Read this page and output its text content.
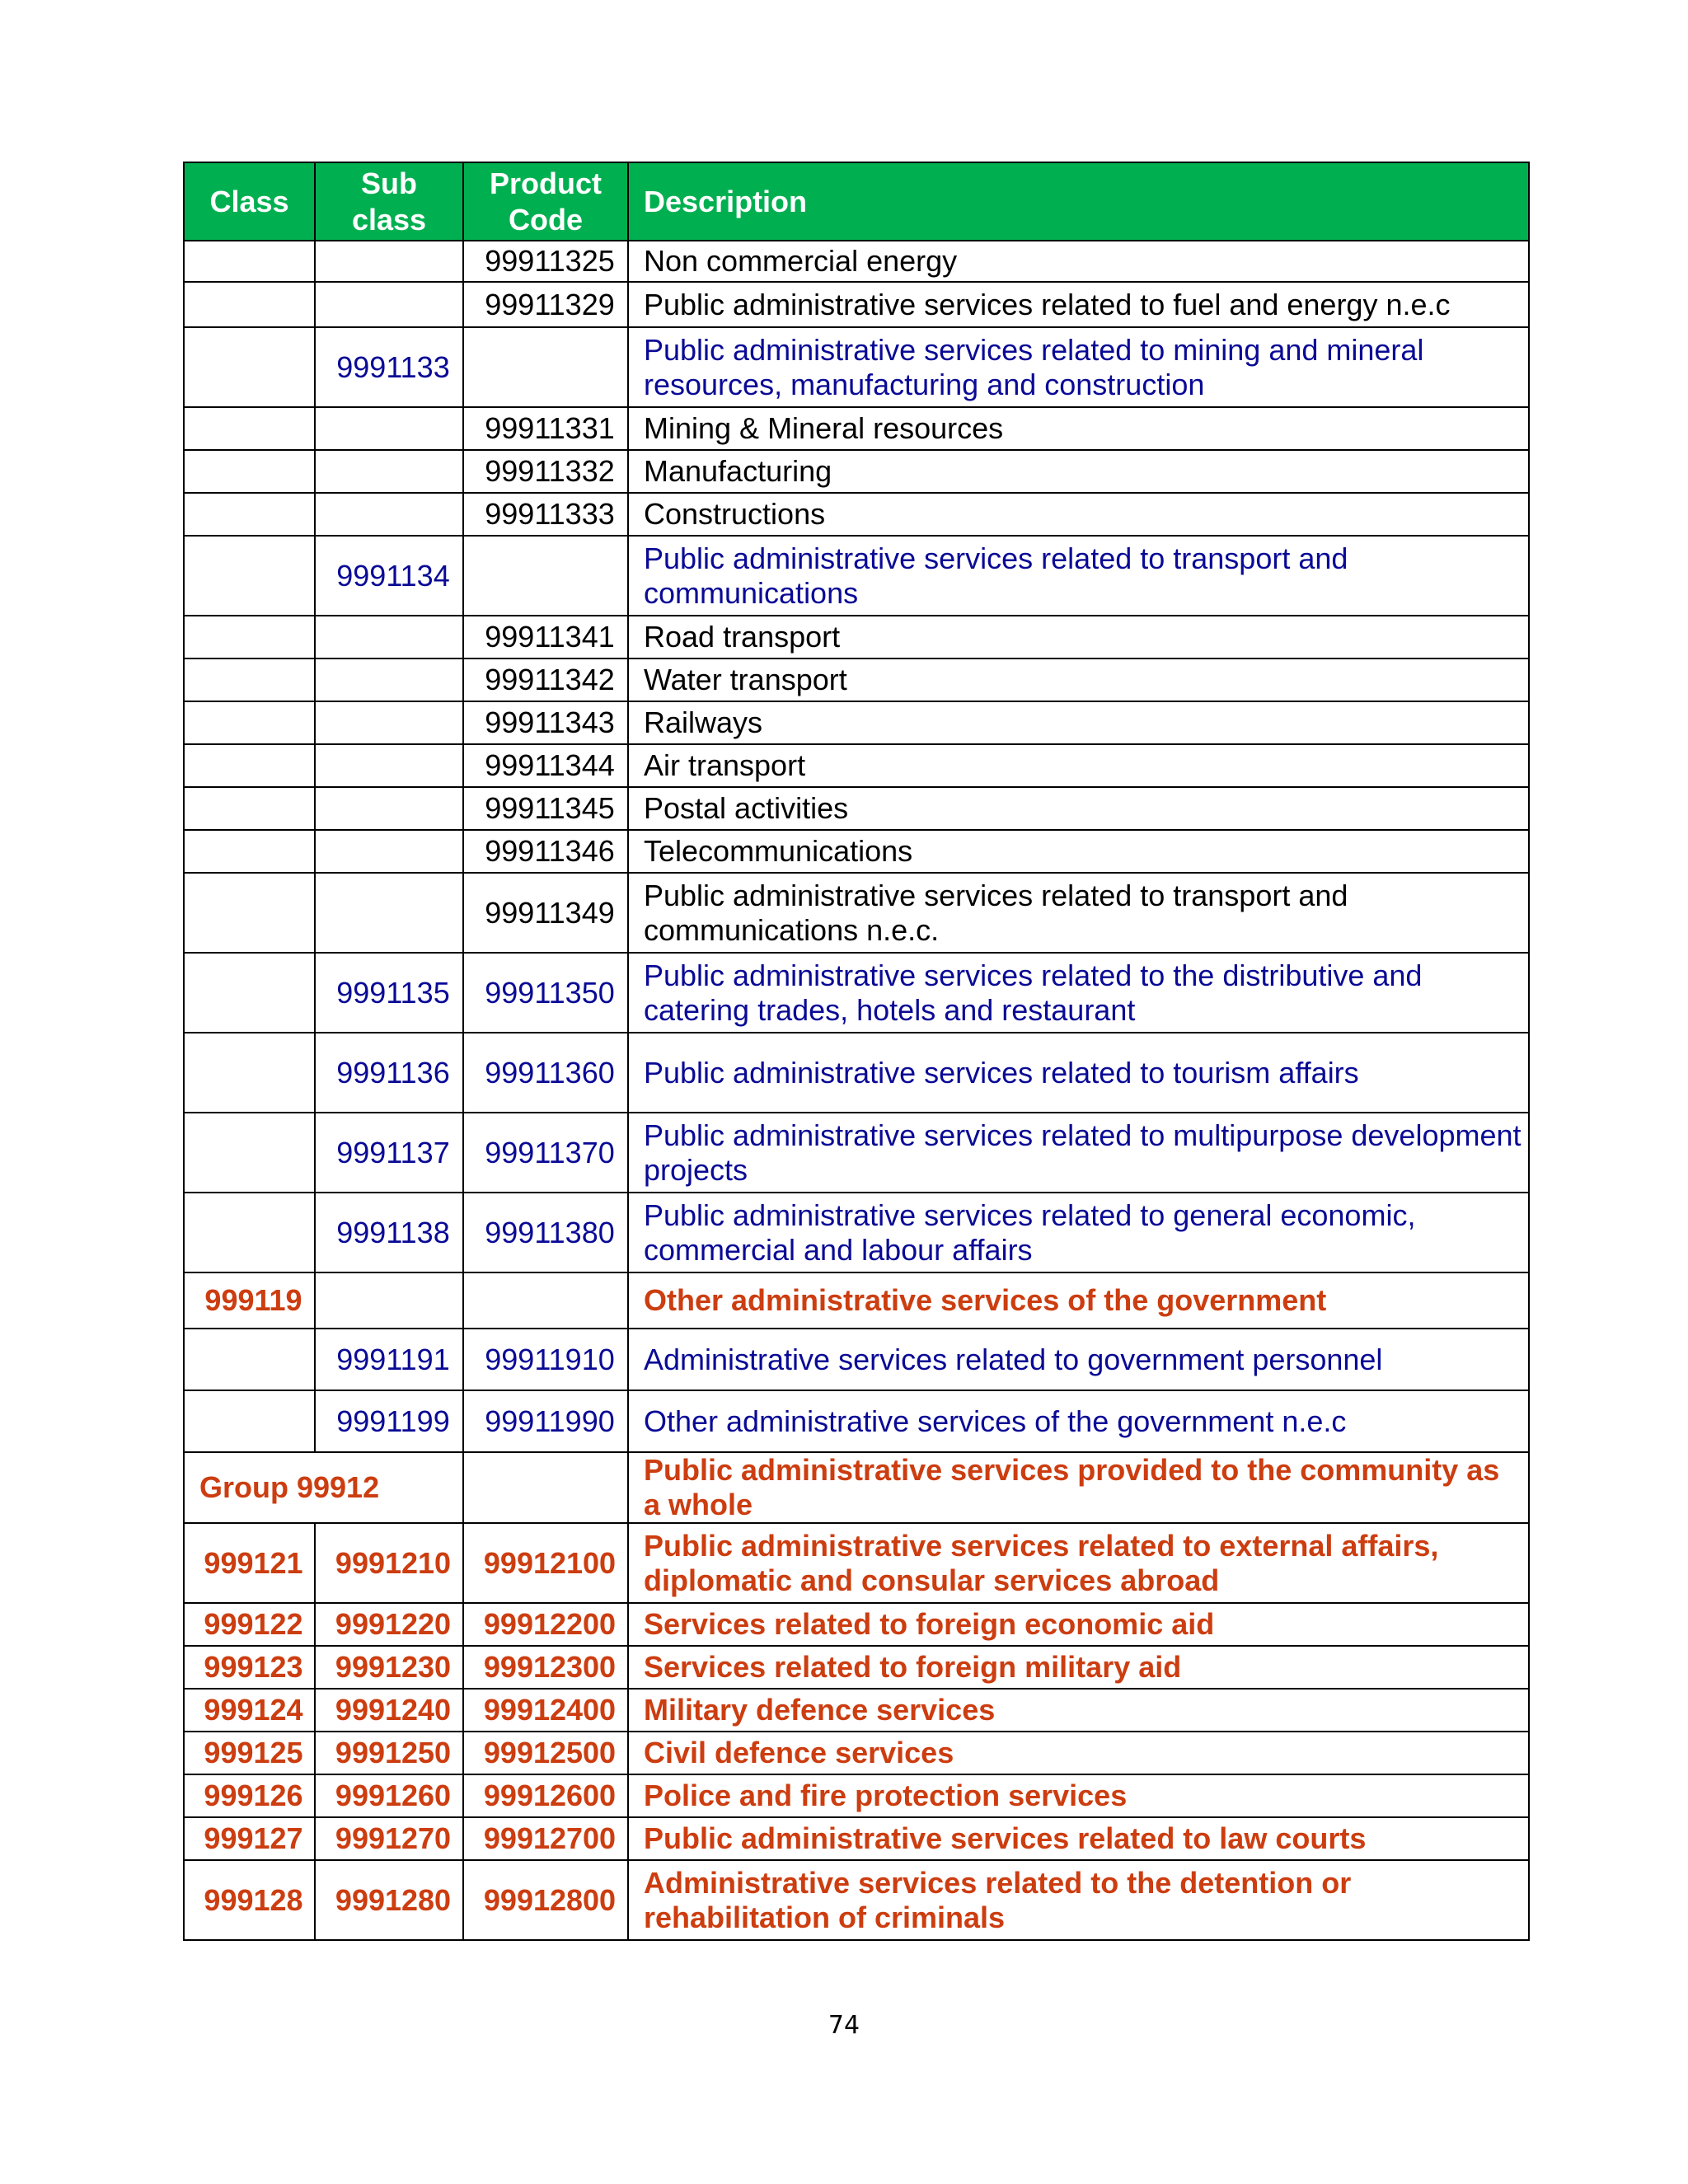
Class	Sub class	Product Code	Description
		99911325	Non commercial energy
		99911329	Public administrative services related to fuel and energy n.e.c
	9991133		Public administrative services related to mining and mineral resources, manufacturing and construction
		99911331	Mining & Mineral resources
		99911332	Manufacturing
		99911333	Constructions
	9991134		Public administrative services related to transport and communications
		99911341	Road transport
		99911342	Water transport
		99911343	Railways
		99911344	Air transport
		99911345	Postal activities
		99911346	Telecommunications
		99911349	Public administrative services related to transport and communications n.e.c.
	9991135	99911350	Public administrative services related to the distributive and catering trades, hotels and restaurant
	9991136	99911360	Public administrative services related to tourism affairs
	9991137	99911370	Public administrative services related to multipurpose development projects
	9991138	99911380	Public administrative services related to general economic, commercial and labour affairs
999119			Other administrative services of the government
	9991191	99911910	Administrative services related to government personnel
	9991199	99911990	Other administrative services of the government n.e.c
Group 99912			Public administrative services provided to the community as a whole
999121	9991210	99912100	Public administrative services related to external affairs, diplomatic and consular services abroad
999122	9991220	99912200	Services related to foreign economic aid
999123	9991230	99912300	Services related to foreign military aid
999124	9991240	99912400	Military defence services
999125	9991250	99912500	Civil defence services
999126	9991260	99912600	Police and fire protection services
999127	9991270	99912700	Public administrative services related to law courts
999128	9991280	99912800	Administrative services related to the detention or rehabilitation of criminals
74
